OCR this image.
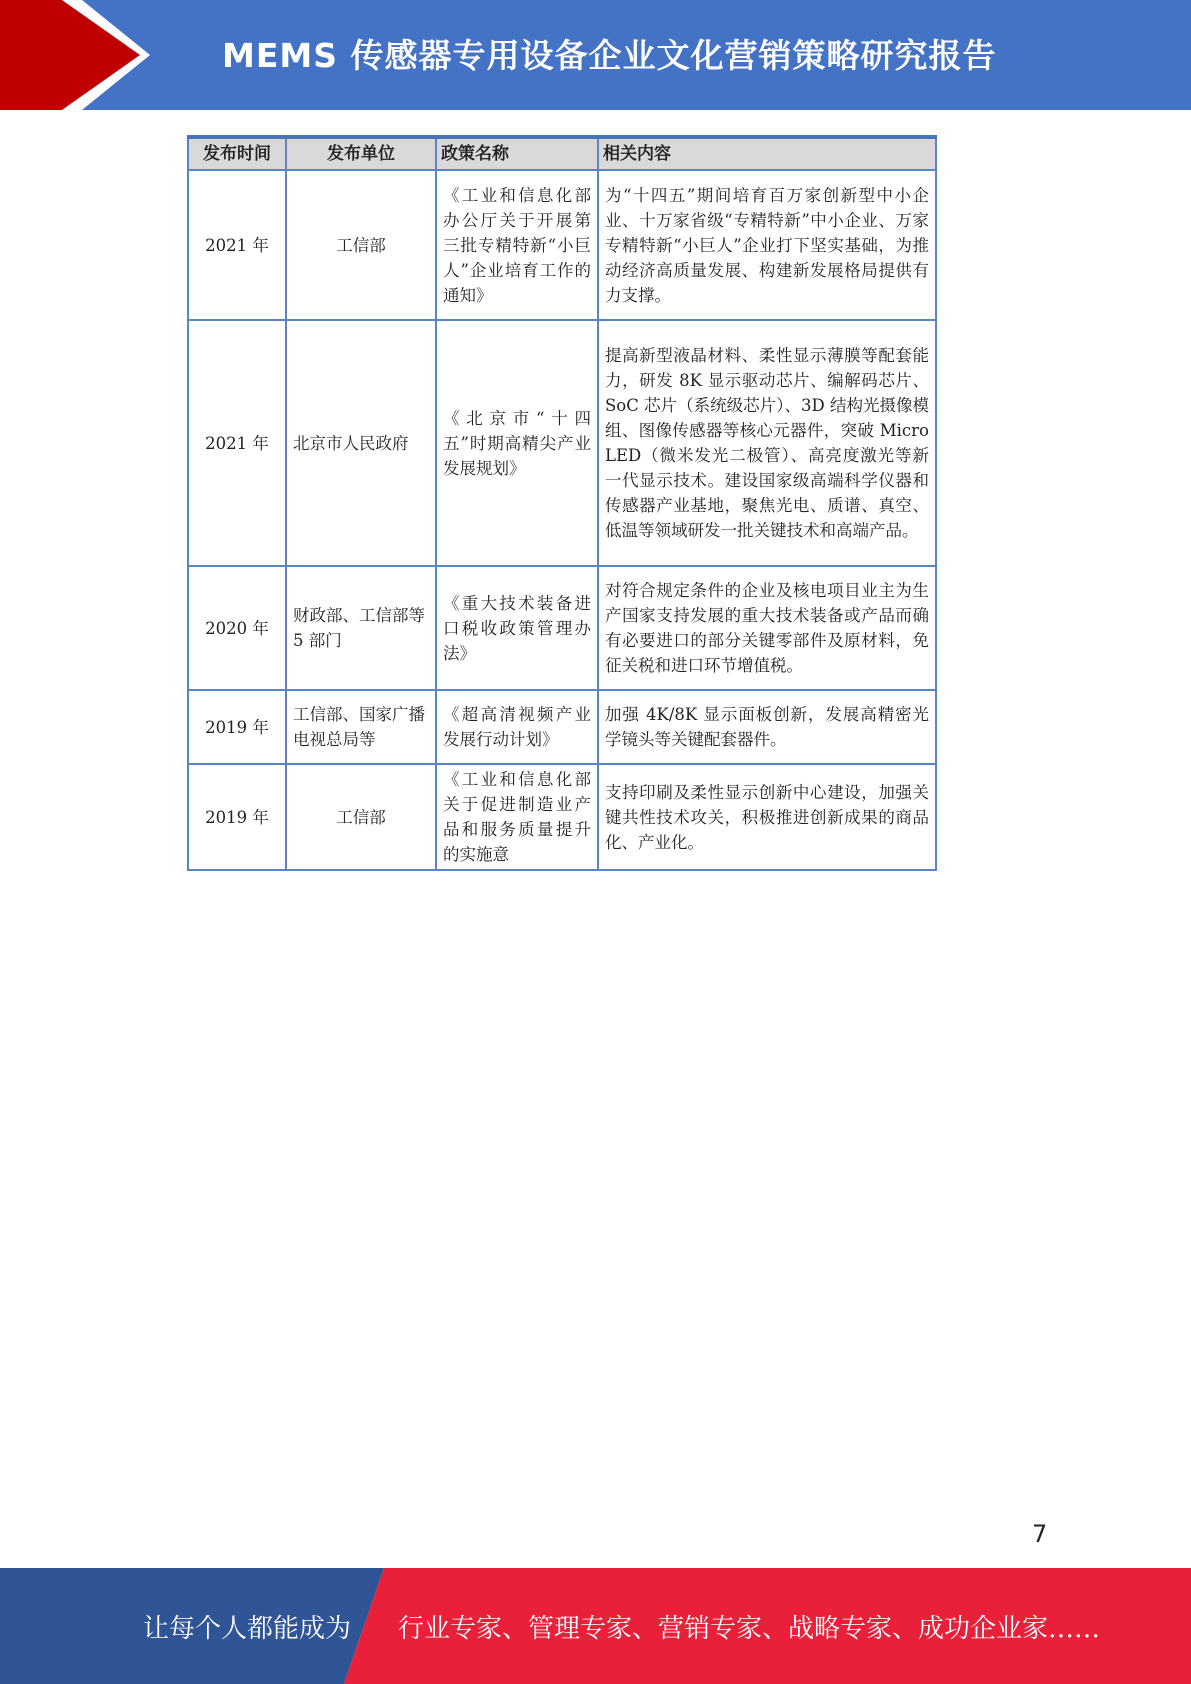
MEMS 传感器专用设备企业文化营销策略研究报告
发布时间	发布单位	政策名称	相关内容
2021 年	工信部	《工业和信息化部办公厅关于开展第三批专精特新“小巨人”企业培育工作的通知》	为“十四五”期间培育百万家创新型中小企业、十万家省级“专精特新”中小企业、万家专精特新“小巨人”企业打下坚实基础，为推动经济高质量发展、构建新发展格局提供有力支撑。
2021 年	北京市人民政府	《北京市“十四五”时期高精尖产业发展规划》	提高新型液晶材料、柔性显示薄膜等配套能力，研发 8K 显示驱动芯片、编解码芯片、SoC 芯片（系统级芯片）、3D 结构光摄像模组、图像传感器等核心元器件，突破 Micro LED（微米发光二极管）、高亮度激光等新一代显示技术。建设国家级高端科学仪器和传感器产业基地，聚焦光电、质谱、真空、低温等领域研发一批关键技术和高端产品。
2020 年	财政部、工信部等 5 部门	《重大技术装备进口税收政策管理办法》	对符合规定条件的企业及核电项目业主为生产国家支持发展的重大技术装备或产品而确有必要进口的部分关键零部件及原材料，免征关税和进口环节增值税。
2019 年	工信部、国家广播电视总局等	《超高清视频产业发展行动计划》	加强 4K/8K 显示面板创新，发展高精密光学镜头等关键配套器件。
2019 年	工信部	《工业和信息化部关于促进制造业产品和服务质量提升的实施意	支持印刷及柔性显示创新中心建设，加强关键共性技术攻关，积极推进创新成果的商品化、产业化。
7
让每个人都能成为 行业专家、管理专家、营销专家、战略专家、成功企业家……
